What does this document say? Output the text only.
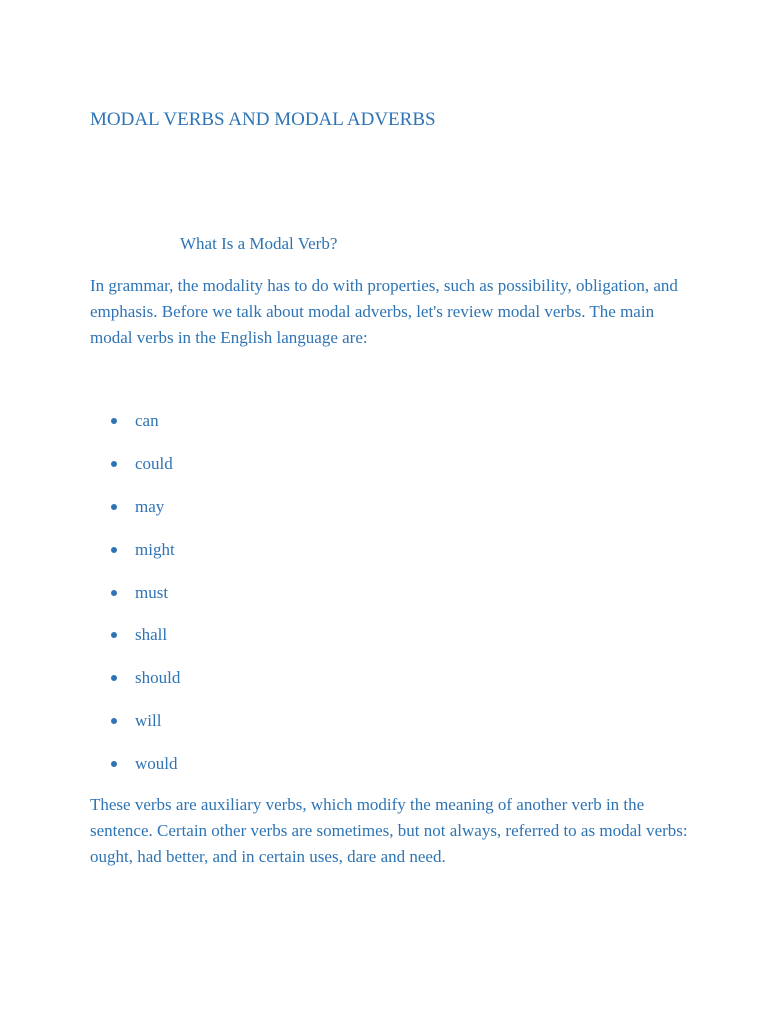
MODAL VERBS AND MODAL ADVERBS
What Is a Modal Verb?

In grammar, the modality has to do with properties, such as possibility, obligation, and emphasis. Before we talk about modal adverbs, let's review modal verbs. The main modal verbs in the English language are:

can
could
may
might
must
shall
should
will
would

These verbs are auxiliary verbs, which modify the meaning of another verb in the sentence. Certain other verbs are sometimes, but not always, referred to as modal verbs: ought, had better, and in certain uses, dare and need.
